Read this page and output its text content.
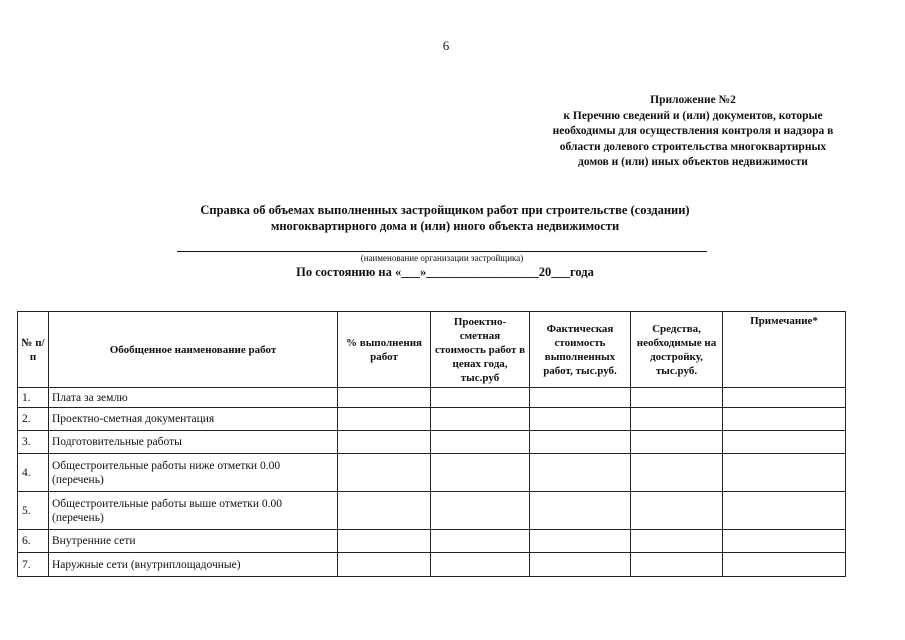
6
Приложение №2
к Перечню сведений и (или) документов, которые
необходимы для осуществления контроля и надзора в
области долевого строительства многоквартирных
домов и (или) иных объектов недвижимости
Справка об объемах выполненных застройщиком работ при строительстве (создании)
многоквартирного дома и (или) иного объекта недвижимости
(наименование организации застройщика)
По состоянию на «___»__________________20___года
№ п/п	Обобщенное наименование работ	% выполнения работ	Проектно-сметная стоимость работ в ценах года, тыс.руб	Фактическая стоимость выполненных работ, тыс.руб.	Средства, необходимые на достройку, тыс.руб.	Примечание*
1.	Плата за землю					
2.	Проектно-сметная документация					
3.	Подготовительные работы					
4.	Общестроительные работы ниже отметки 0.00 (перечень)					
5.	Общестроительные работы выше отметки 0.00 (перечень)					
6.	Внутренние сети					
7.	Наружные сети (внутриплощадочные)					
